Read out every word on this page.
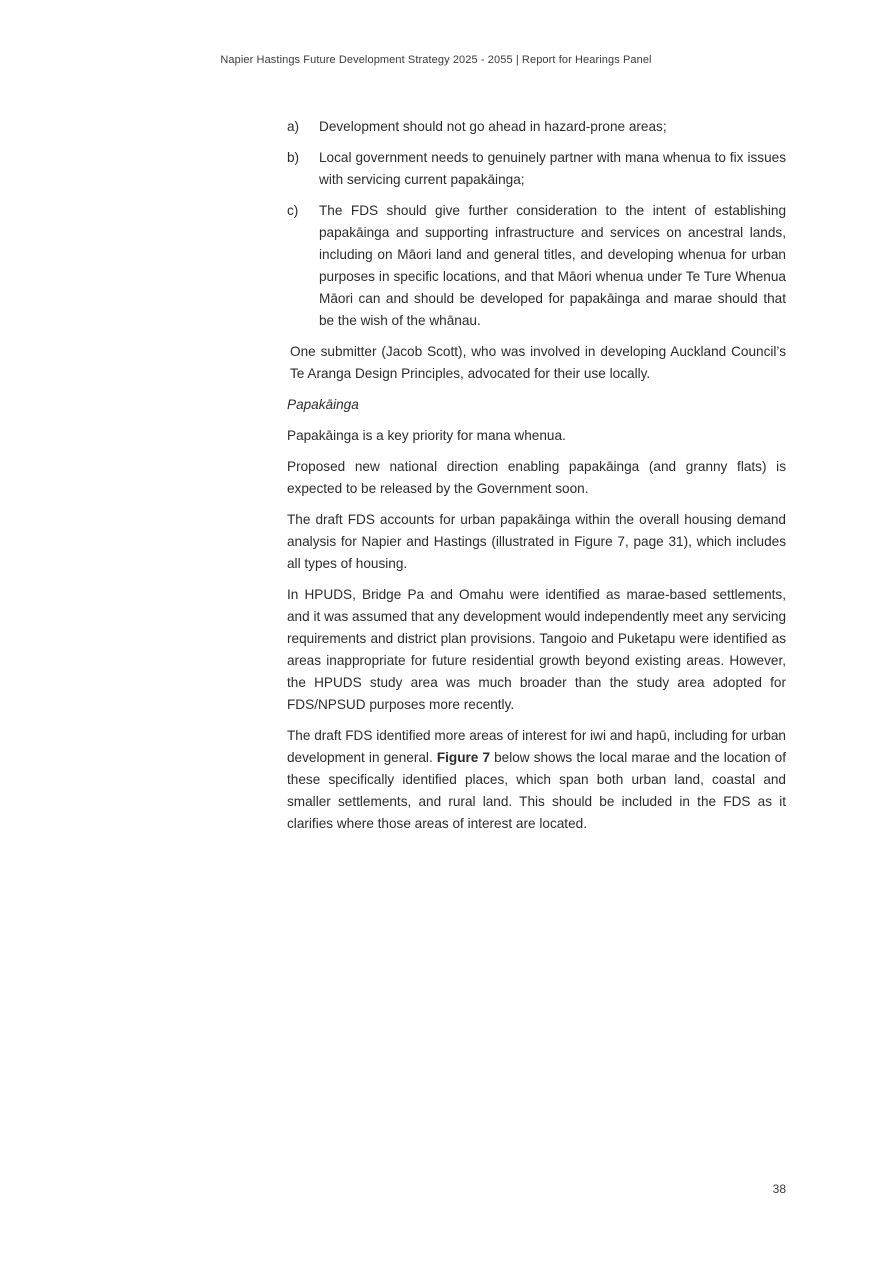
Napier Hastings Future Development Strategy 2025 - 2055 | Report for Hearings Panel
a)	Development should not go ahead in hazard-prone areas;
b)	Local government needs to genuinely partner with mana whenua to fix issues with servicing current papakāinga;
c)	The FDS should give further consideration to the intent of establishing papakāinga and supporting infrastructure and services on ancestral lands, including on Māori land and general titles, and developing whenua for urban purposes in specific locations, and that Māori whenua under Te Ture Whenua Māori can and should be developed for papakāinga and marae should that be the wish of the whānau.

One submitter (Jacob Scott), who was involved in developing Auckland Council’s Te Aranga Design Principles, advocated for their use locally.

Papakāinga

Papakāinga is a key priority for mana whenua.

Proposed new national direction enabling papakāinga (and granny flats) is expected to be released by the Government soon.

The draft FDS accounts for urban papakāinga within the overall housing demand analysis for Napier and Hastings (illustrated in Figure 7, page 31), which includes all types of housing.

In HPUDS, Bridge Pa and Omahu were identified as marae-based settlements, and it was assumed that any development would independently meet any servicing requirements and district plan provisions. Tangoio and Puketapu were identified as areas inappropriate for future residential growth beyond existing areas. However, the HPUDS study area was much broader than the study area adopted for FDS/NPSUD purposes more recently.

The draft FDS identified more areas of interest for iwi and hapū, including for urban development in general. Figure 7 below shows the local marae and the location of these specifically identified places, which span both urban land, coastal and smaller settlements, and rural land. This should be included in the FDS as it clarifies where those areas of interest are located.

38
